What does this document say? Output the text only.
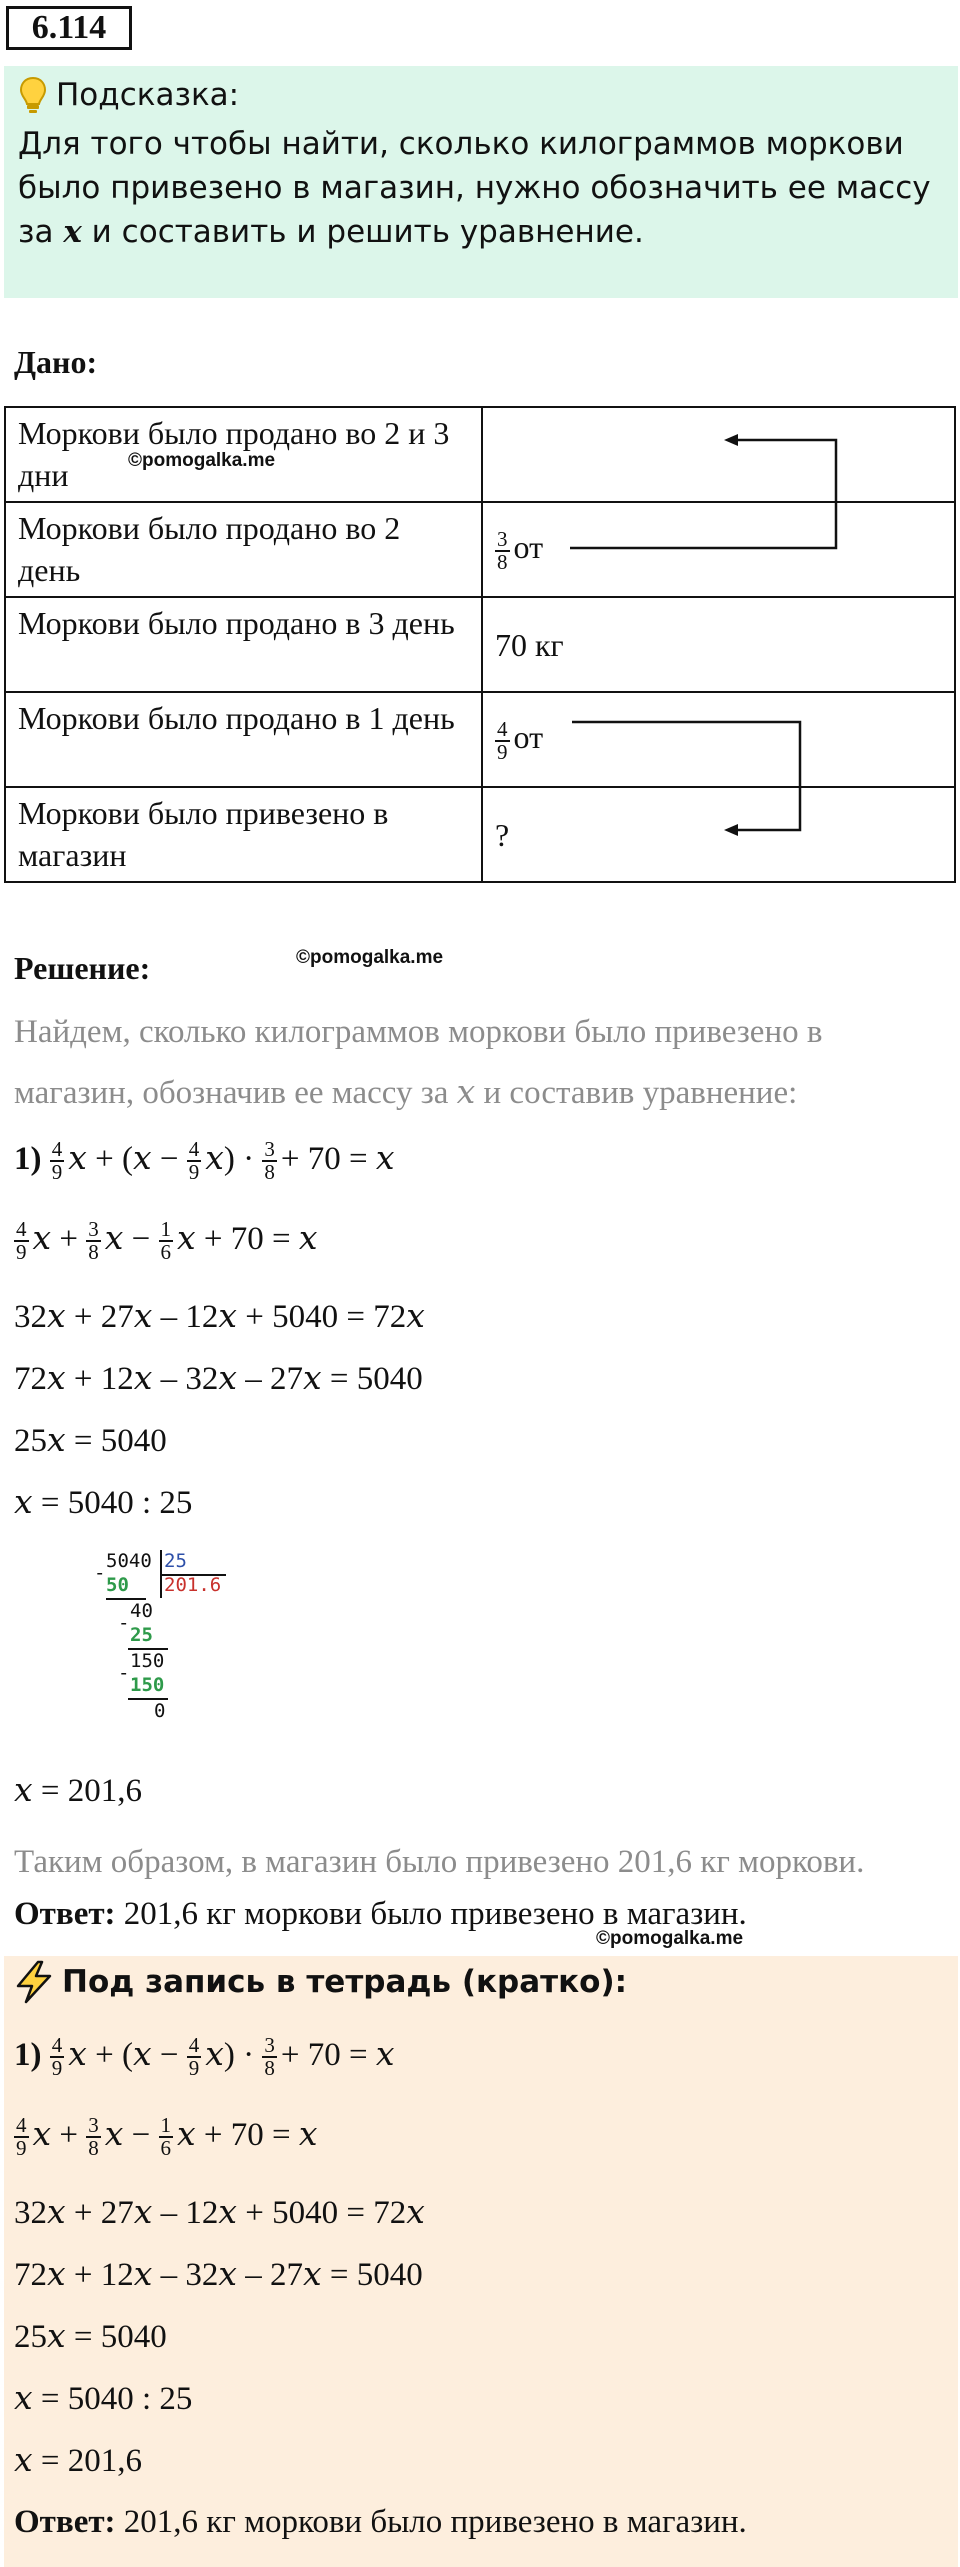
6.114
Подсказка:
Для того чтобы найти, сколько килограммов моркови было привезено в магазин, нужно обозначить ее массу за x и составить и решить уравнение.
Дано:
Моркови было продано во 2 и 3 дни	
Моркови было продано во 2 день	$\frac{3}{8}$ от
Моркови было продано в 3 день	70 кг
Моркови было продано в 1 день	$\frac{4}{9}$ от
Моркови было привезено в магазин	?
©pomogalka.me
Решение:	©pomogalka.me
Найдем, сколько килограммов моркови было привезено в магазин, обозначив ее массу за x и составив уравнение:
$1) \frac{4}{9}$ $x + (x - \frac{4}{9} x) \cdot \frac{3}{8} + 70 = x$
$\frac{4}{9}$ $x + \frac{3}{8}$ $x - \frac{1}{6}$ x + 70 = x
32x + 27x – 12x + 5040 = 72x
72x + 12x – 32x – 27x = 5040
25x = 5040
x = 5040 : 25
5040 25
-
50 201.6
40
-
25
150
-
150
0
x = 201,6
Таким образом, в магазин было привезено 201,6 кг моркови.
Ответ: 201,6 кг моркови было привезено в магазин.
©pomogalka.me
Под запись в тетрадь (кратко):
$1) \frac{4}{9}$ $x + (x - \frac{4}{9} x) \cdot \frac{3}{8} + 70 = x$
$\frac{4}{9}$ $x + \frac{3}{8}$ $x - \frac{1}{6}$ x + 70 = x
32x + 27x – 12x + 5040 = 72x
72x + 12x – 32x – 27x = 5040
25x = 5040
x = 5040 : 25
x = 201,6
Ответ: 201,6 кг моркови было привезено в магазин.
